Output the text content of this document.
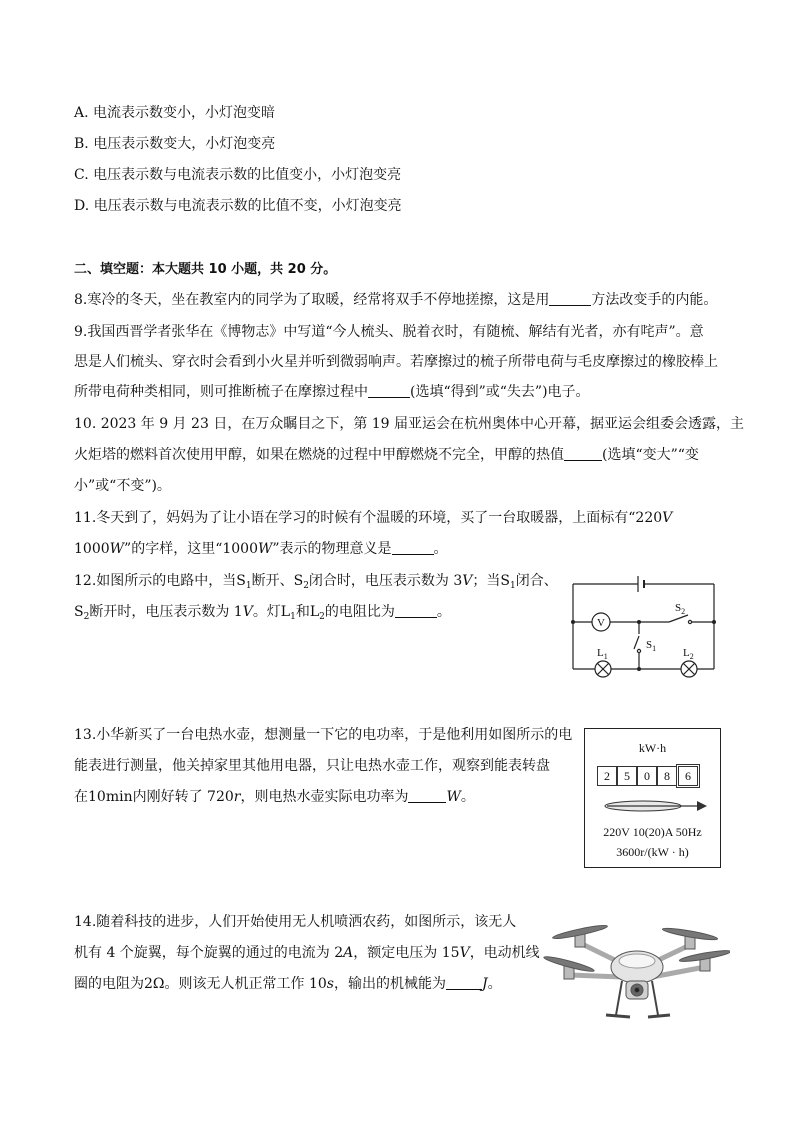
A. 电流表示数变小，小灯泡变暗
B. 电压表示数变大，小灯泡变亮
C. 电压表示数与电流表示数的比值变小，小灯泡变亮
D. 电压表示数与电流表示数的比值不变，小灯泡变亮
二、填空题：本大题共 10 小题，共 20 分。
8.寒冷的冬天，坐在教室内的同学为了取暖，经常将双手不停地搓擦，这是用	方法改变手的内能。
9.我国西晋学者张华在《博物志》中写道“今人梳头、脱着衣时，有随梳、解结有光者，亦有咤声”。意
思是人们梳头、穿衣时会看到小火星并听到微弱响声。若摩擦过的梳子所带电荷与毛皮摩擦过的橡胶棒上
所带电荷种类相同，则可推断梳子在摩擦过程中	(选填“得到”或“失去”)电子。
10. 2023 年 9 月 23 日，在万众瞩目之下，第 19 届亚运会在杭州奥体中心开幕，据亚运会组委会透露，主
火炬塔的燃料首次使用甲醇，如果在燃烧的过程中甲醇燃烧不完全，甲醇的热值	(选填“变大”“变
小”或“不变”)。
11.冬天到了，妈妈为了让小语在学习的时候有个温暖的环境，买了一台取暖器，上面标有“220V
1000W”的字样，这里“1000W”表示的物理意义是	。
12.如图所示的电路中，当$S_1$断开、$S_2$闭合时，电压表示数为 3V；当$S_1$闭合、
$S_2$断开时，电压表示数为 1V。灯$L_1$和$L_2$的电阻比为	。
V
$S_2$
$S_1$
$L_1$	$L_2$
13.小华新买了一台电热水壶，想测量一下它的电功率，于是他利用如图所示的电
能表进行测量，他关掉家里其他用电器，只让电热水壶工作，观察到能表转盘
在10min内刚好转了 720r，则电热水壶实际电功率为	W。
kW·h
2	5	0	8	6
220V 10(20)A 50Hz
3600r/(kW · h)
14.随着科技的进步，人们开始使用无人机喷洒农药，如图所示，该无人
机有 4 个旋翼，每个旋翼的通过的电流为 2A，额定电压为 15V，电动机线
圈的电阻为2Ω。则该无人机正常工作 10s，输出的机械能为	J。
